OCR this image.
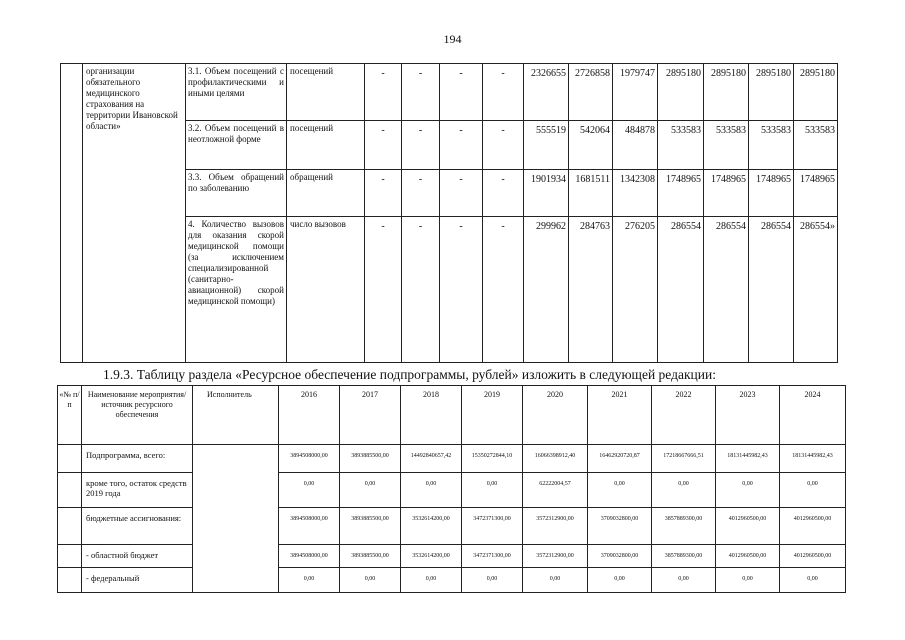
194

	организации обязательного медицинского страхования на территории Ивановской области»	3.1. Объем посещений с профилактическими и иными целями	посещений	-	-	-	-	2326655	2726858	1979747	2895180	2895180	2895180	2895180
		3.2. Объем посещений в неотложной форме	посещений	-	-	-	-	555519	542064	484878	533583	533583	533583	533583
		3.3. Объем обращений по заболеванию	обращений	-	-	-	-	1901934	1681511	1342308	1748965	1748965	1748965	1748965
		4. Количество вызовов для оказания скорой медицинской помощи (за исключением специализированной (санитарно-авиационной) скорой медицинской помощи)	число вызовов	-	-	-	-	299962	284763	276205	286554	286554	286554	286554»
1.9.3. Таблицу раздела «Ресурсное обеспечение подпрограммы, рублей» изложить в следующей редакции:
«№ п/п	Наименование мероприятия/источник ресурсного обеспечения	Исполнитель	2016	2017	2018	2019	2020	2021	2022	2023	2024
	Подпрограмма, всего:		3894508000,00	3893885500,00	14492840657,42	15350272844,10	16066398912,40	16462920720,87	17218667666,51	18131445982,43	18131445982,43

	кроме того, остаток средств 2019 года		0,00	0,00	0,00	0,00	62222004,57	0,00	0,00	0,00	0,00
	бюджетные ассигнования:		3894508000,00	3893885500,00	3532614200,00	3472371300,00	3572312900,00	3709032800,00	3857889300,00	4012960500,00	4012960500,00
	- областной бюджет		3894508000,00	3893885500,00	3532614200,00	3472371300,00	3572312900,00	3709032800,00	3857889300,00	4012960500,00	4012960500,00

	- федеральный		0,00	0,00	0,00	0,00	0,00	0,00	0,00	0,00	0,00
